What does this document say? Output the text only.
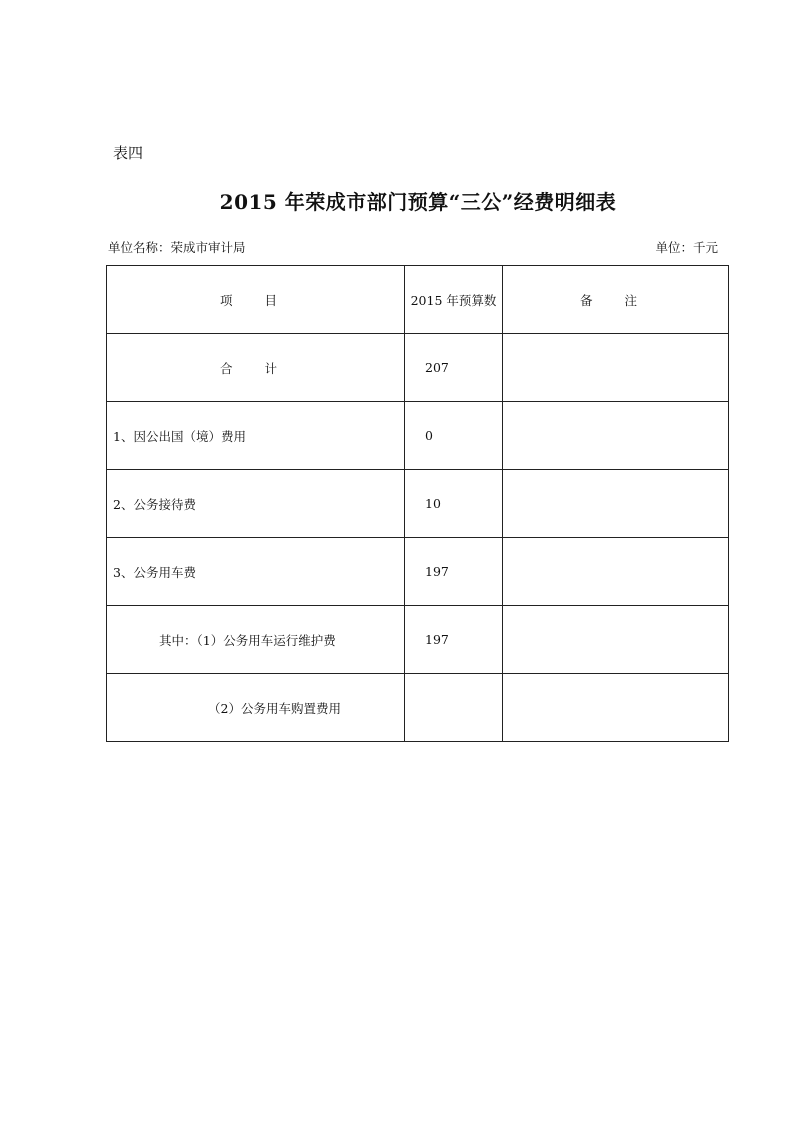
表四
2015 年荣成市部门预算“三公”经费明细表
单位名称：荣成市审计局	单位：千元
项 目	2015 年预算数	备 注
合 计	207	
1、因公出国（境）费用	0	
2、公务接待费	10	
3、公务用车费	197	
其中：（1）公务用车运行维护费	197	
（2）公务用车购置费用		
